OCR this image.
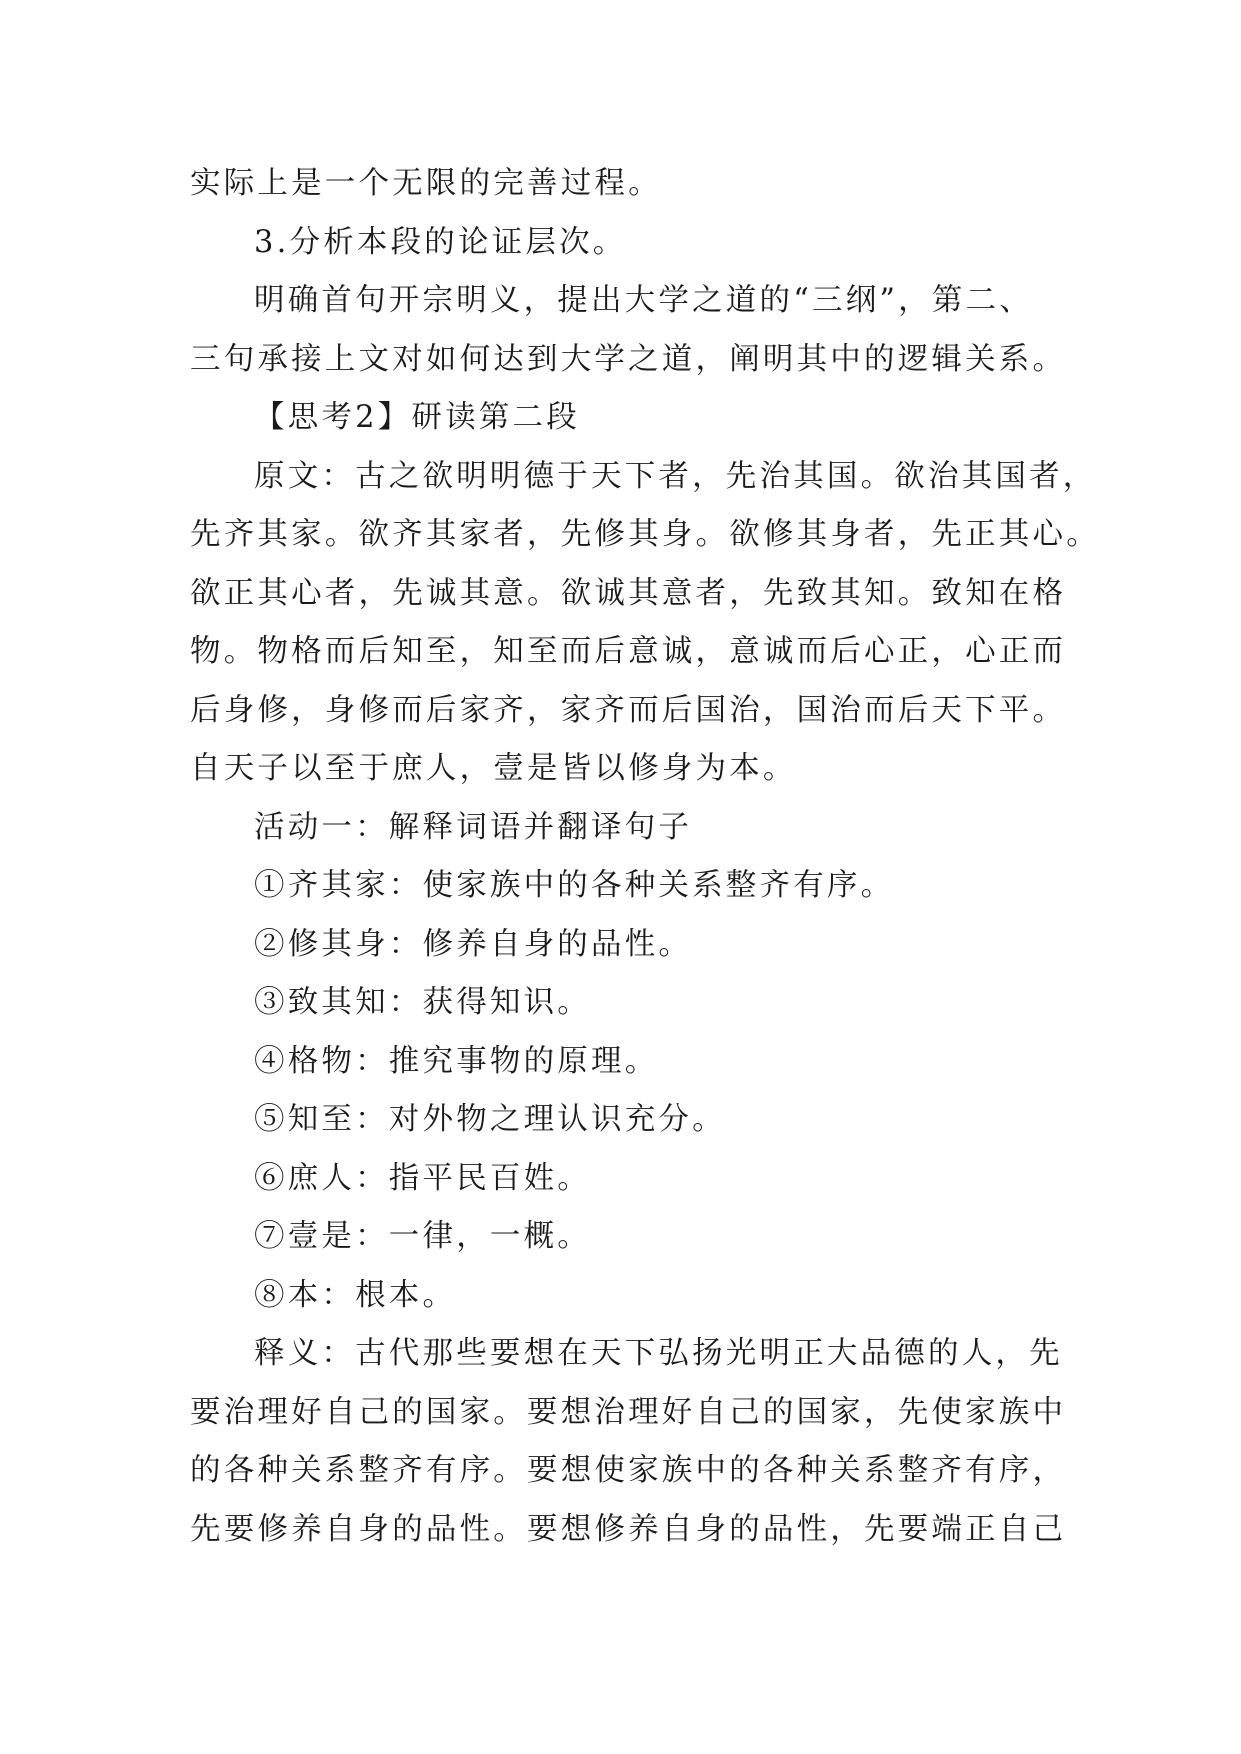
实际上是一个无限的完善过程。
3.分析本段的论证层次。
明确首句开宗明义，提出大学之道的“三纲”，第二、
三句承接上文对如何达到大学之道，阐明其中的逻辑关系。
【思考2】研读第二段
原文：古之欲明明德于天下者，先治其国。欲治其国者，
先齐其家。欲齐其家者，先修其身。欲修其身者，先正其心。
欲正其心者，先诚其意。欲诚其意者，先致其知。致知在格
物。物格而后知至，知至而后意诚，意诚而后心正，心正而
后身修，身修而后家齐，家齐而后国治，国治而后天下平。
自天子以至于庶人，壹是皆以修身为本。
活动一：解释词语并翻译句子
①齐其家：使家族中的各种关系整齐有序。
②修其身：修养自身的品性。
③致其知：获得知识。
④格物：推究事物的原理。
⑤知至：对外物之理认识充分。
⑥庶人：指平民百姓。
⑦壹是：一律，一概。
⑧本：根本。
释义：古代那些要想在天下弘扬光明正大品德的人，先
要治理好自己的国家。要想治理好自己的国家，先使家族中
的各种关系整齐有序。要想使家族中的各种关系整齐有序，
先要修养自身的品性。要想修养自身的品性，先要端正自己
